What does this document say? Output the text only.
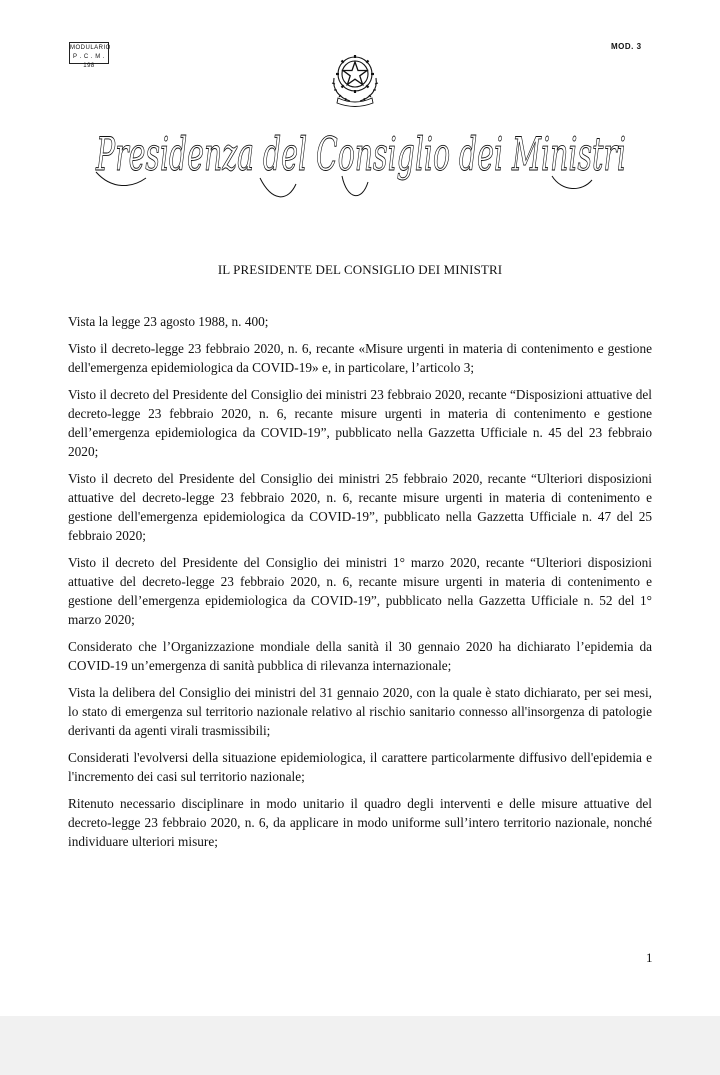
MODULARIO
P . C . M . 198
MOD. 3
Presidenza del Consiglio dei Ministri
IL PRESIDENTE DEL CONSIGLIO DEI MINISTRI

Vista la legge 23 agosto 1988, n. 400;

Visto il decreto-legge 23 febbraio 2020, n. 6, recante «Misure urgenti in materia di contenimento e gestione dell'emergenza epidemiologica da COVID-19» e, in particolare, l’articolo 3;

Visto il decreto del Presidente del Consiglio dei ministri 23 febbraio 2020, recante “Disposizioni attuative del decreto-legge 23 febbraio 2020, n. 6, recante misure urgenti in materia di contenimento e gestione dell’emergenza epidemiologica da COVID-19”, pubblicato nella Gazzetta Ufficiale n. 45 del 23 febbraio 2020;

Visto il decreto del Presidente del Consiglio dei ministri 25 febbraio 2020, recante “Ulteriori disposizioni attuative del decreto-legge 23 febbraio 2020, n. 6, recante misure urgenti in materia di contenimento e gestione dell'emergenza epidemiologica da COVID-19”, pubblicato nella Gazzetta Ufficiale n. 47 del 25 febbraio 2020;

Visto il decreto del Presidente del Consiglio dei ministri 1° marzo 2020, recante “Ulteriori disposizioni attuative del decreto-legge 23 febbraio 2020, n. 6, recante misure urgenti in materia di contenimento e gestione dell’emergenza epidemiologica da COVID-19”, pubblicato nella Gazzetta Ufficiale n. 52 del 1° marzo 2020;

Considerato che l’Organizzazione mondiale della sanità il 30 gennaio 2020 ha dichiarato l’epidemia da COVID-19 un’emergenza di sanità pubblica di rilevanza internazionale;

Vista la delibera del Consiglio dei ministri del 31 gennaio 2020, con la quale è stato dichiarato, per sei mesi, lo stato di emergenza sul territorio nazionale relativo al rischio sanitario connesso all'insorgenza di patologie derivanti da agenti virali trasmissibili;

Considerati l'evolversi della situazione epidemiologica, il carattere particolarmente diffusivo dell'epidemia e l'incremento dei casi sul territorio nazionale;

Ritenuto necessario disciplinare in modo unitario il quadro degli interventi e delle misure attuative del decreto-legge 23 febbraio 2020, n. 6, da applicare in modo uniforme sull’intero territorio nazionale, nonché individuare ulteriori misure;

1
